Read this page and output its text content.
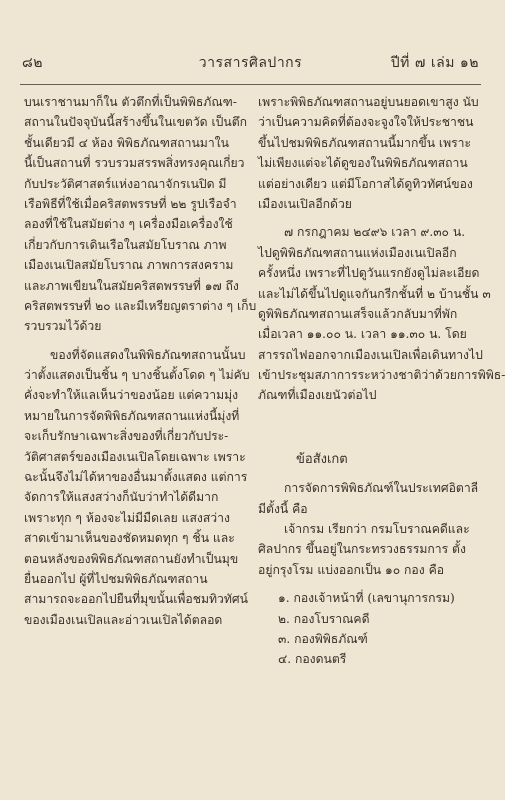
๘๒	วารสารศิลปากร	ปีที่ ๗ เล่ม ๑๒
บนเราชานมาก็ใน ตัวตึกที่เป็นพิพิธภัณฑ-
สถานในปัจจุบันนี้สร้างขึ้นในเขตวัด เป็นตึก
ชั้นเดียวมี ๔ ห้อง พิพิธภัณฑสถานมาใน
นี้เป็นสถานที่ รวบรวมสรรพสิ่งทรงคุณเกี่ยว
กับประวัติศาสตร์แห่งอาณาจักรเนปิด มี
เรือพิธีที่ใช้เมื่อคริสตพรรษที่ ๒๒ รูปเรือจำ
ลองที่ใช้ในสมัยต่าง ๆ เครื่องมือเครื่องใช้
เกี่ยวกับการเดินเรือในสมัยโบราณ ภาพ
เมืองเนเปิลสมัยโบราณ ภาพการสงคราม
และภาพเขียนในสมัยคริสตพรรษที่ ๑๗ ถึง
คริสตพรรษที่ ๒๐ และมีเหรียญตราต่าง ๆ เก็บ
รวบรวมไว้ด้วย
ของที่จัดแสดงในพิพิธภัณฑสถานนั้นบ
ว่าตั้งแสดงเป็นชิ้น ๆ บางชิ้นตั้งโดด ๆ ไม่คับ
คั่งจะทำให้แลเห็นว่าของน้อย แต่ความมุ่ง
หมายในการจัดพิพิธภัณฑสถานแห่งนี้มุ่งที่
จะเก็บรักษาเฉพาะสิ่งของที่เกี่ยวกับประ-
วัติศาสตร์ของเมืองเนเปิลโดยเฉพาะ เพราะ
ฉะนั้นจึงไม่ได้หาของอื่นมาตั้งแสดง แต่การ
จัดการให้แสงสว่างก็นับว่าทำได้ดีมาก
เพราะทุก ๆ ห้องจะไม่มีมืดเลย แสงสว่าง
สาดเข้ามาเห็นของชัดหมดทุก ๆ ชิ้น และ
ตอนหลังของพิพิธภัณฑสถานยังทำเป็นมุข
ยื่นออกไป ผู้ที่ไปชมพิพิธภัณฑสถาน
สามารถจะออกไปยืนที่มุขนั้นเพื่อชมทิวทัศน์
ของเมืองเนเปิลและอ่าวเนเปิลได้ตลอด
เพราะพิพิธภัณฑสถานอยู่บนยอดเขาสูง นับ
ว่าเป็นความคิดที่ต้องจะจูงใจให้ประชาชน
ขึ้นไปชมพิพิธภัณฑสถานนี้มากขึ้น เพราะ
ไม่เพียงแต่จะได้ดูของในพิพิธภัณฑสถาน
แต่อย่างเดียว แต่มีโอกาสได้ดูทิวทัศน์ของ
เมืองเนเปิลอีกด้วย
๗ กรกฎาคม ๒๔๙๖ เวลา ๙.๓๐ น.
ไปดูพิพิธภัณฑสถานแห่งเมืองเนเปิลอีก
ครั้งหนึ่ง เพราะที่ไปดูวันแรกยังดูไม่ละเอียด
และไม่ได้ขึ้นไปดูแจกันกรีกชั้นที่ ๒ บ้านชั้น ๓
ดูพิพิธภัณฑสถานเสร็จแล้วกลับมาที่พัก
เมื่อเวลา ๑๑.๐๐ น. เวลา ๑๑.๓๐ น. โดย
สารรถไฟออกจากเมืองเนเปิลเพื่อเดินทางไป
เข้าประชุมสภาการระหว่างชาติว่าด้วยการพิพิธ-
ภัณฑที่เมืองเยนัวต่อไป
ข้อสังเกต
การจัดการพิพิธภัณฑ์ในประเทศอิตาลี
มีตั้งนี้ คือ
เจ้ากรม เรียกว่า กรมโบราณคดีและ
ศิลปากร ขึ้นอยู่ในกระทรวงธรรมการ ตั้ง
อยู่กรุงโรม แบ่งออกเป็น ๑๐ กอง คือ
๑. กองเจ้าหน้าที่ (เลขานุการกรม)
๒. กองโบราณคดี
๓. กองพิพิธภัณฑ์
๔. กองดนตรี
